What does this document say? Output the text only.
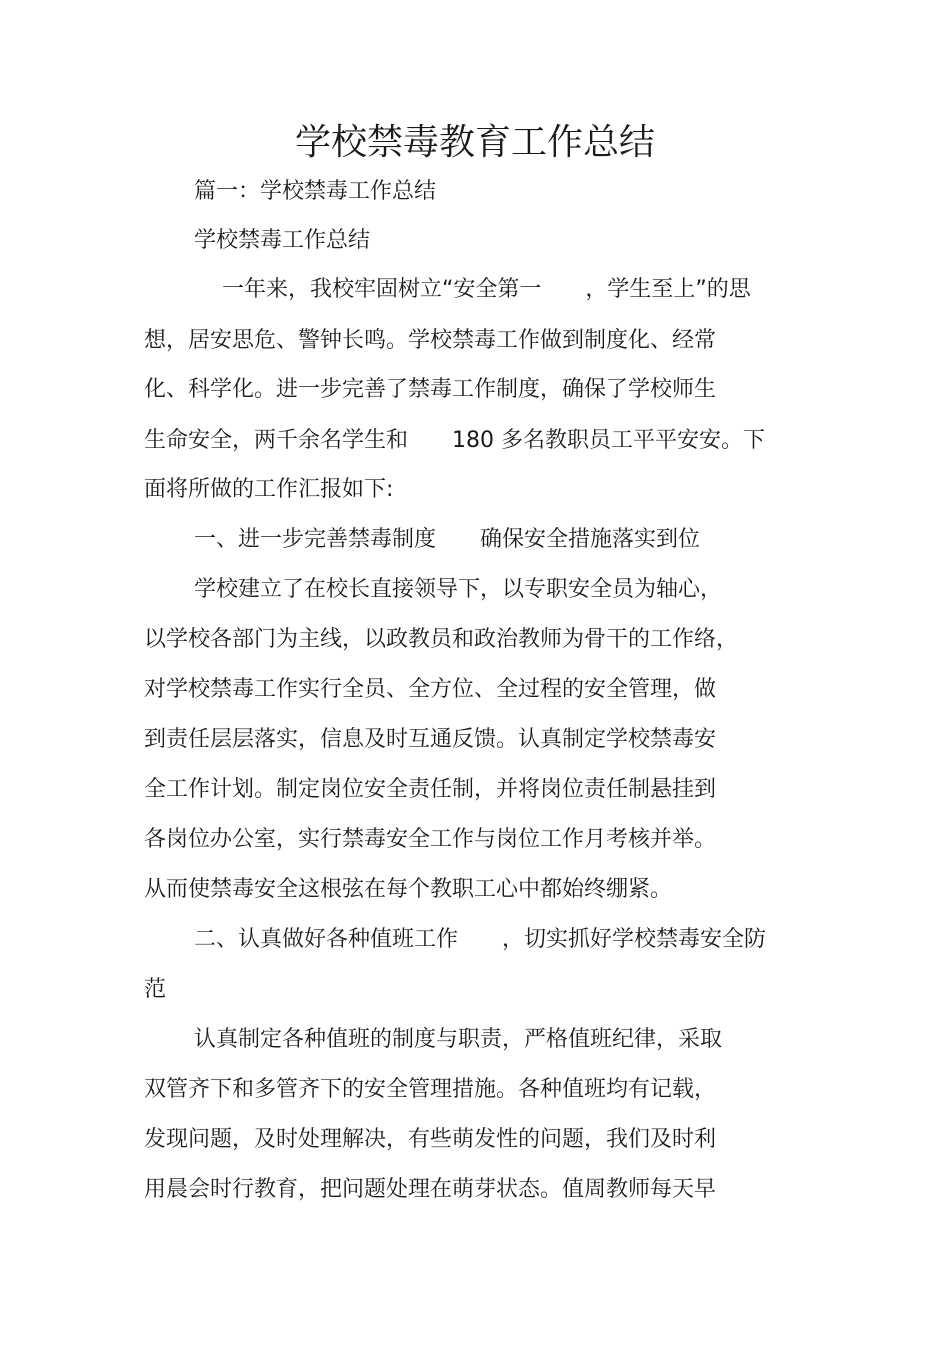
学校禁毒教育工作总结

篇一：学校禁毒工作总结

学校禁毒工作总结

一年来，我校牢固树立“安全第一　　，学生至上”的思

想，居安思危、警钟长鸣。学校禁毒工作做到制度化、经常

化、科学化。进一步完善了禁毒工作制度，确保了学校师生

生命安全，两千余名学生和　　180 多名教职员工平平安安。下

面将所做的工作汇报如下:

一、进一步完善禁毒制度　　确保安全措施落实到位

学校建立了在校长直接领导下，以专职安全员为轴心，

以学校各部门为主线，以政教员和政治教师为骨干的工作络，

对学校禁毒工作实行全员、全方位、全过程的安全管理，做

到责任层层落实，信息及时互通反馈。认真制定学校禁毒安

全工作计划。制定岗位安全责任制，并将岗位责任制悬挂到

各岗位办公室，实行禁毒安全工作与岗位工作月考核并举。

从而使禁毒安全这根弦在每个教职工心中都始终绷紧。

二、认真做好各种值班工作　　，切实抓好学校禁毒安全防

范

认真制定各种值班的制度与职责，严格值班纪律，采取

双管齐下和多管齐下的安全管理措施。各种值班均有记载，

发现问题，及时处理解决，有些萌发性的问题，我们及时利

用晨会时行教育，把问题处理在萌芽状态。值周教师每天早
